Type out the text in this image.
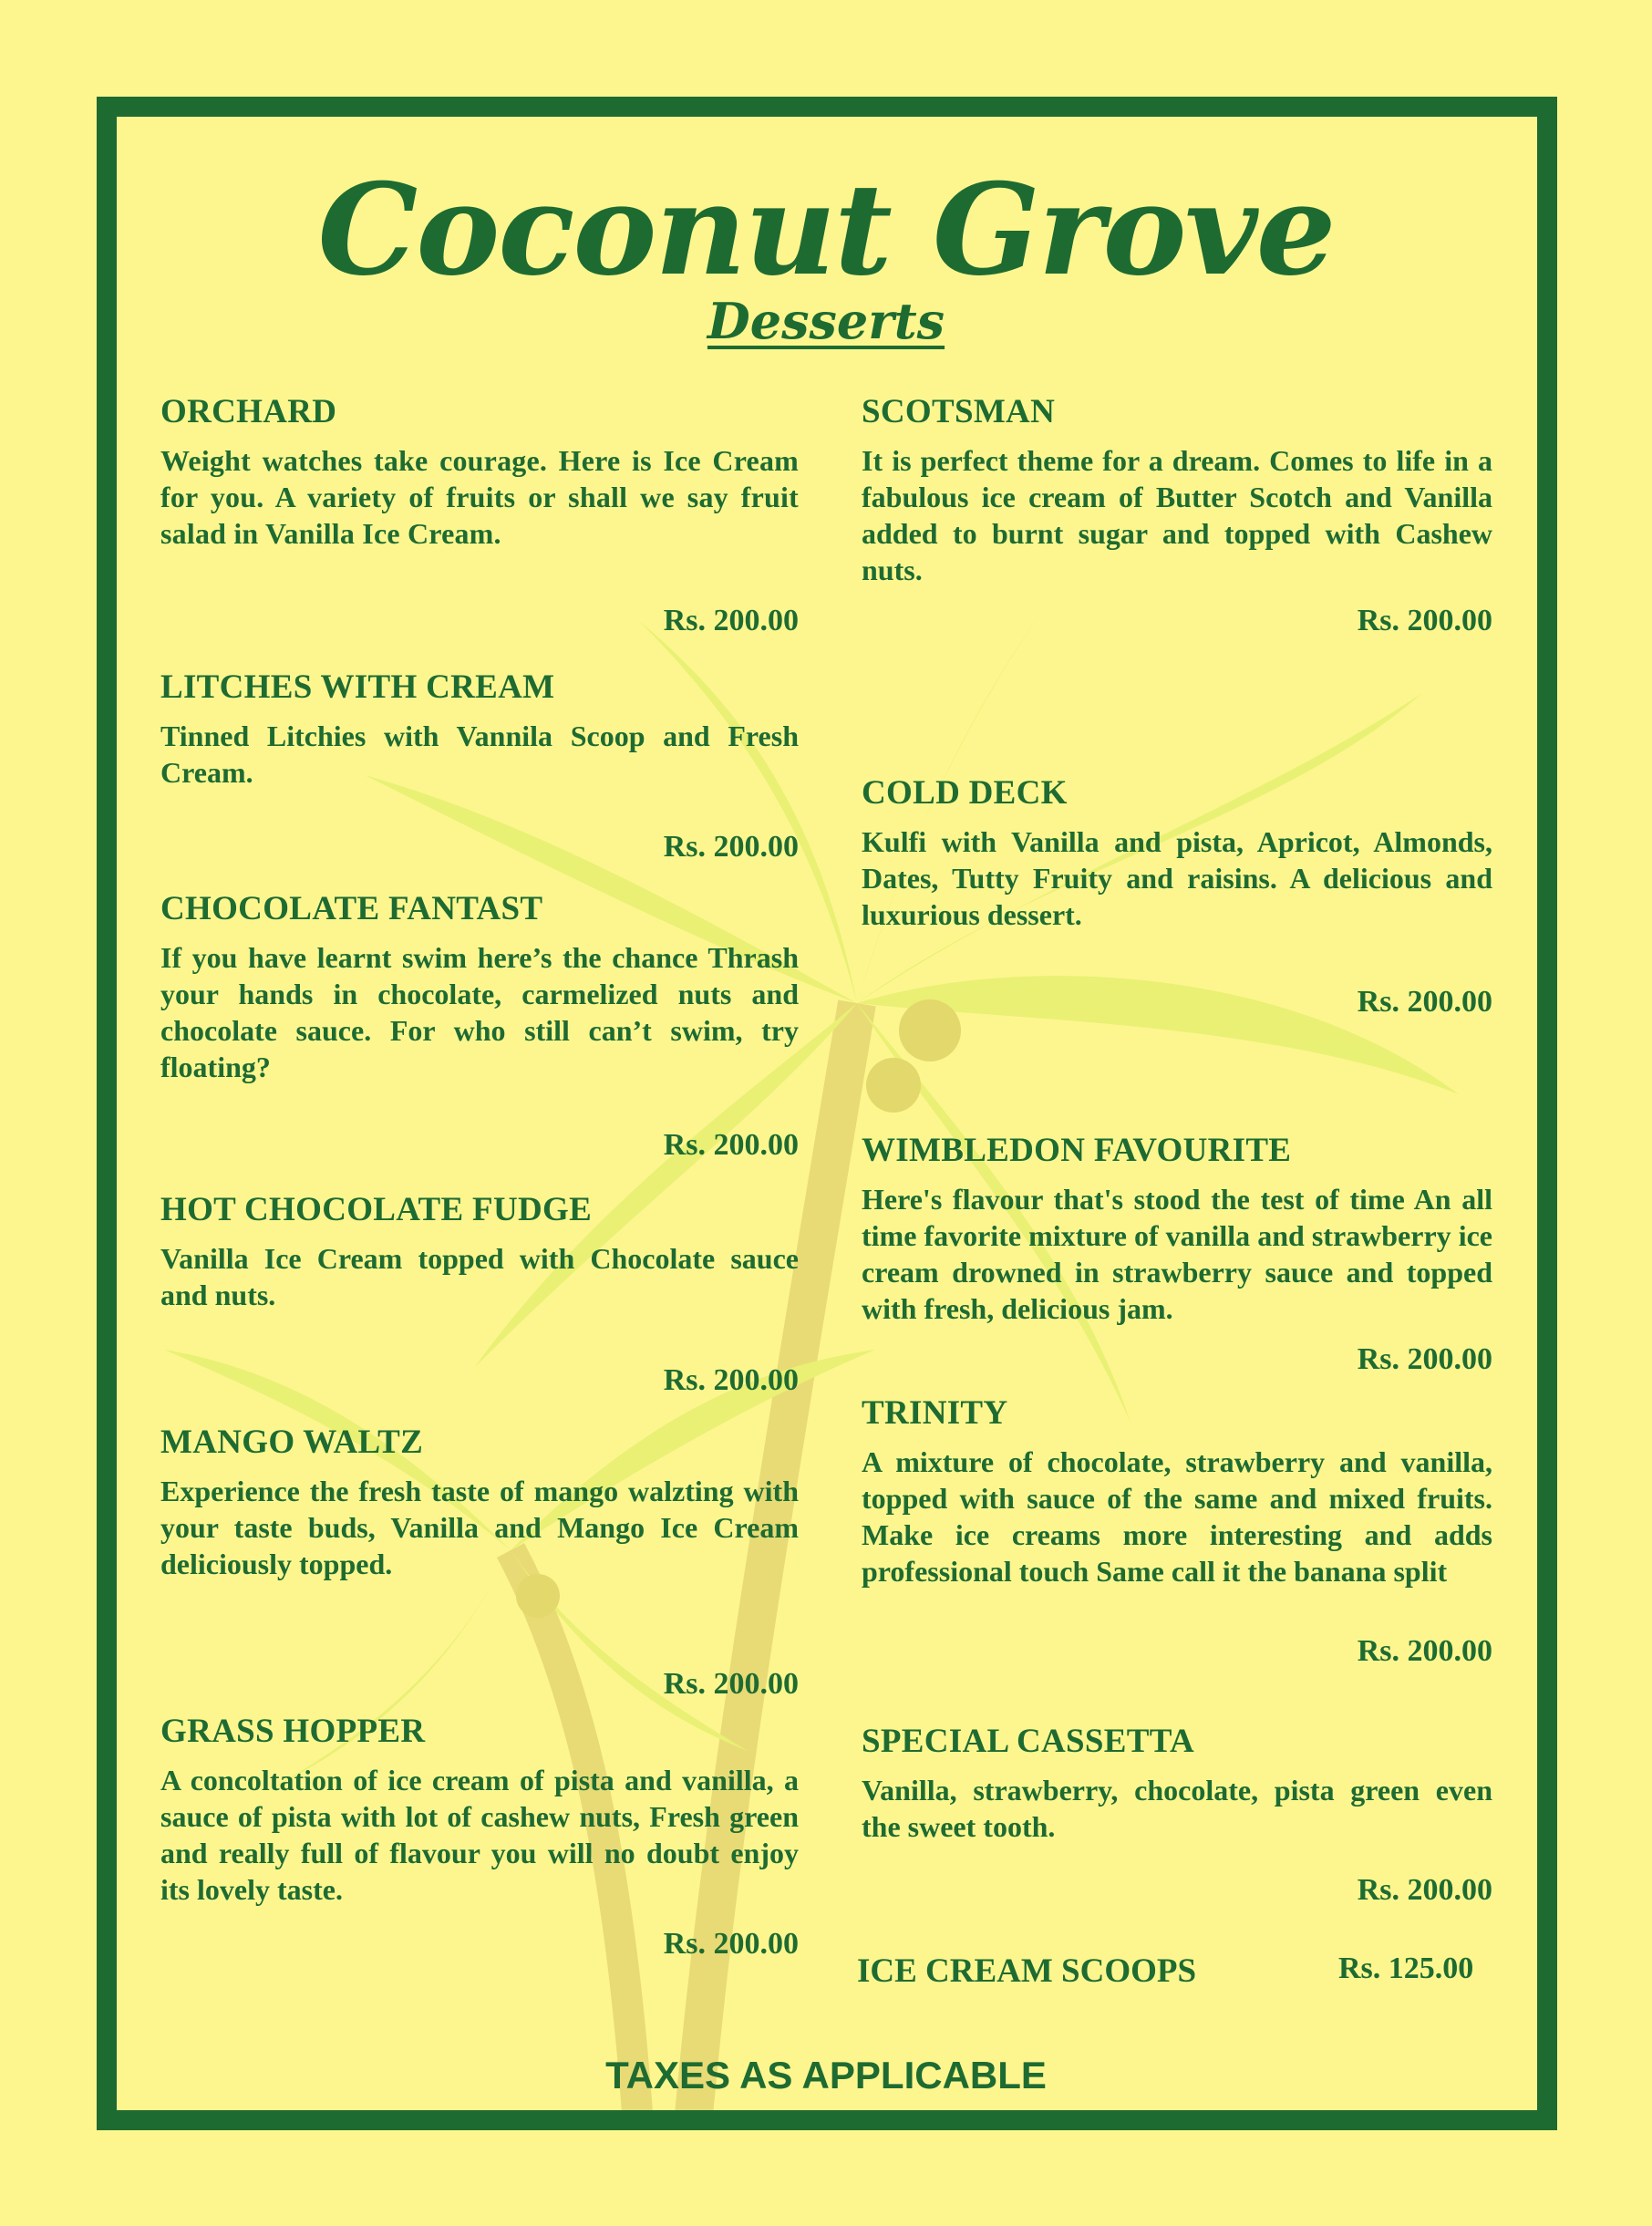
Coconut Grove
Desserts

ORCHARD

Weight watches take courage. Here is Ice Cream for you. A variety of fruits or shall we say fruit salad in Vanilla Ice Cream.

Rs. 200.00

LITCHES WITH CREAM

Tinned Litchies with Vannila Scoop and Fresh Cream.

Rs. 200.00

CHOCOLATE FANTAST

If you have learnt swim here’s the chance Thrash your hands in chocolate, carmelized nuts and chocolate sauce. For who still can’t swim, try floating?

Rs. 200.00

HOT CHOCOLATE FUDGE

Vanilla Ice Cream topped with Chocolate sauce and nuts.

Rs. 200.00

MANGO WALTZ

Experience the fresh taste of mango walzting with your taste buds, Vanilla and Mango Ice Cream deliciously topped.

Rs. 200.00

GRASS HOPPER

A concoltation of ice cream of pista and vanilla, a sauce of pista with lot of cashew nuts, Fresh green and really full of flavour you will no doubt enjoy its lovely taste.

Rs. 200.00

SCOTSMAN

It is perfect theme for a dream. Comes to life in a fabulous ice cream of Butter Scotch and Vanilla added to burnt sugar and topped with Cashew nuts.

Rs. 200.00

COLD DECK

Kulfi with Vanilla and pista, Apricot, Almonds, Dates, Tutty Fruity and raisins. A delicious and luxurious dessert.

Rs. 200.00

WIMBLEDON FAVOURITE

Here's flavour that's stood the test of time An all time favorite mixture of vanilla and strawberry ice cream drowned in strawberry sauce and topped with fresh, delicious jam.

Rs. 200.00

TRINITY

A mixture of chocolate, strawberry and vanilla, topped with sauce of the same and mixed fruits. Make ice creams more interesting and adds professional touch Same call it the banana split

Rs. 200.00

SPECIAL CASSETTA

Vanilla, strawberry, chocolate, pista green even the sweet tooth.

Rs. 200.00
ICE CREAM SCOOPS	Rs. 125.00
TAXES AS APPLICABLE
